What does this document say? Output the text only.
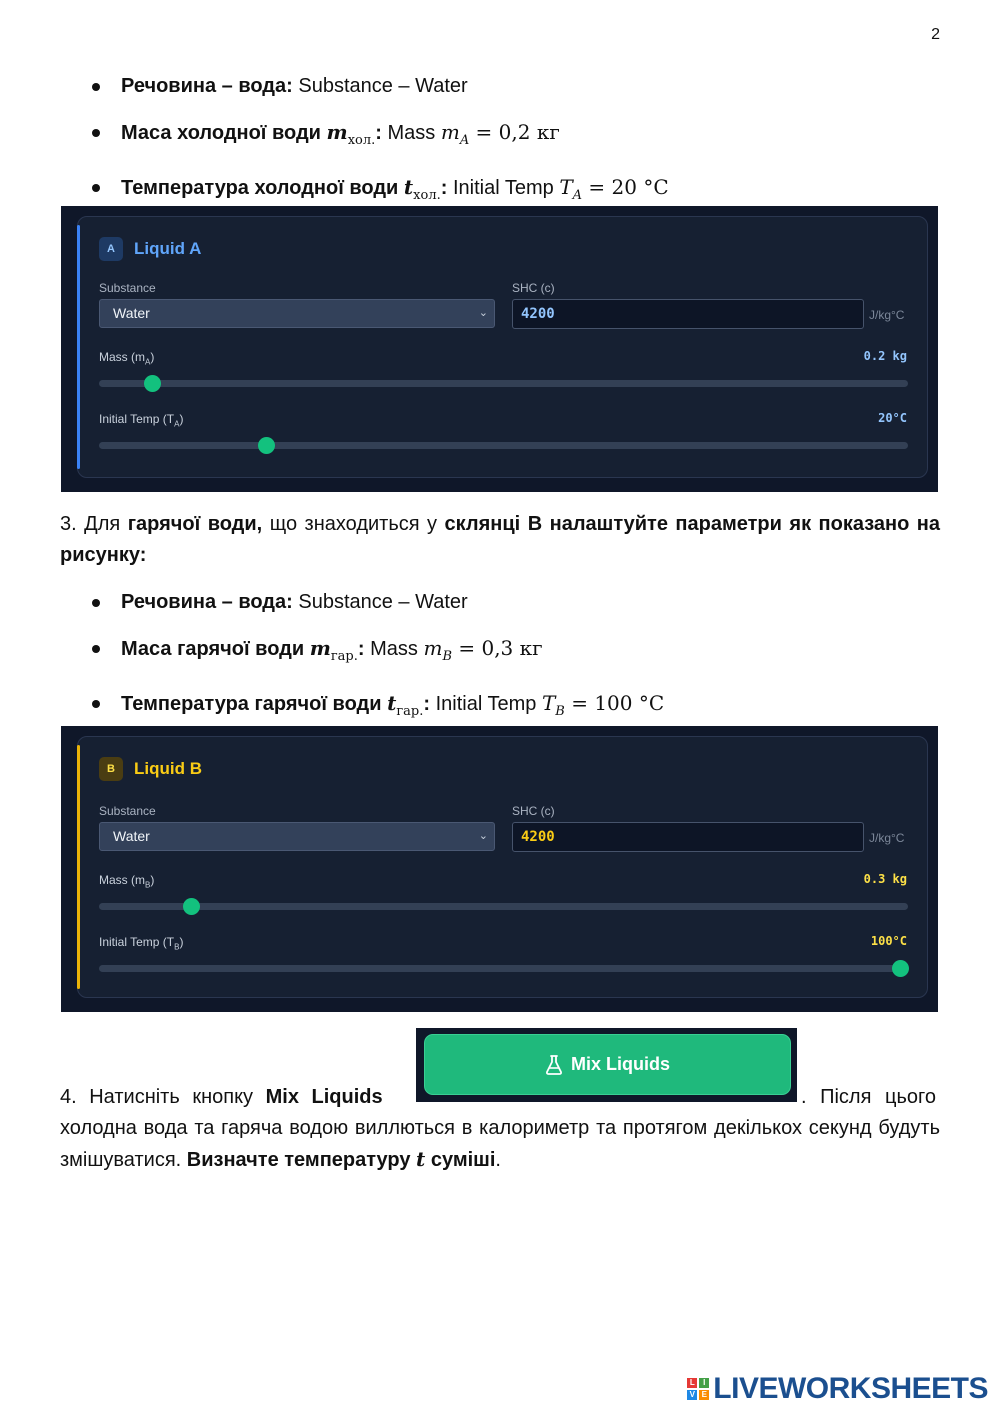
2
Речовина – вода: Substance – Water
Маса холодної води $m_{хол.}$: Mass $m_A = 0,2$ кг
Температура холодної води $t_{хол.}$: Initial Temp $T_A = 20$ °C
A	Liquid A
Substance
Water	⌄
SHC (c)
4200	J/kg°C
Mass $(m_A)$	0.2 kg
Initial Temp $(T_A)$	20°C
3. Для гарячої води, що знаходиться у склянці В налаштуйте параметри як показано на рисунку:
Речовина – вода: Substance – Water
Маса гарячої води $m_{гар.}$: Mass $m_B = 0,3$ кг
Температура гарячої води $t_{гар.}$: Initial Temp $T_B = 100$ °C
B	Liquid B
Substance
Water	⌄
SHC (c)
4200	J/kg°C
Mass $(m_B)$	0.3 kg
Initial Temp $(T_B)$	100°C
Mix Liquids
4. Натисніть кнопку Mix Liquids	. Після цього
холодна вода та гаряча водою виллються в калориметр та протягом декількох секунд будуть змішуватися. Визначте температуру t суміші.
L	I
V E LIVEWORKSHEETS
